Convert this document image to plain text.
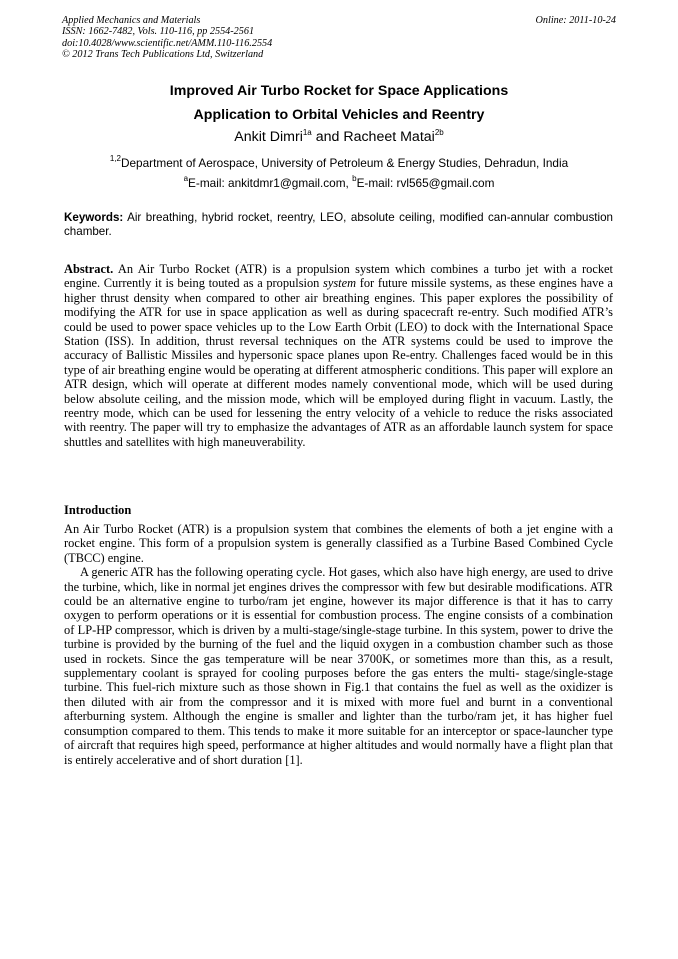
Applied Mechanics and Materials
ISSN: 1662-7482, Vols. 110-116, pp 2554-2561
doi:10.4028/www.scientific.net/AMM.110-116.2554
© 2012 Trans Tech Publications Ltd, Switzerland
Online: 2011-10-24
Improved Air Turbo Rocket for Space Applications
Application to Orbital Vehicles and Reentry
Ankit Dimri$^{1a}$ and Racheet Matai$^{2b}$
$^{1,2}$Department of Aerospace, University of Petroleum & Energy Studies, Dehradun, India
$^a$E-mail: ankitdmr1@gmail.com, $^b$E-mail: rvl565@gmail.com
Keywords: Air breathing, hybrid rocket, reentry, LEO, absolute ceiling, modified can-annular combustion chamber.
Abstract. An Air Turbo Rocket (ATR) is a propulsion system which combines a turbo jet with a rocket engine. Currently it is being touted as a propulsion system for future missile systems, as these engines have a higher thrust density when compared to other air breathing engines. This paper explores the possibility of modifying the ATR for use in space application as well as during spacecraft re-entry. Such modified ATR’s could be used to power space vehicles up to the Low Earth Orbit (LEO) to dock with the International Space Station (ISS). In addition, thrust reversal techniques on the ATR systems could be used to improve the accuracy of Ballistic Missiles and hypersonic space planes upon Re-entry. Challenges faced would be in this type of air breathing engine would be operating at different atmospheric conditions. This paper will explore an ATR design, which will operate at different modes namely conventional mode, which will be used during below absolute ceiling, and the mission mode, which will be employed during flight in vacuum. Lastly, the reentry mode, which can be used for lessening the entry velocity of a vehicle to reduce the risks associated with reentry. The paper will try to emphasize the advantages of ATR as an affordable launch system for space shuttles and satellites with high maneuverability.
Introduction

An Air Turbo Rocket (ATR) is a propulsion system that combines the elements of both a jet engine with a rocket engine. This form of a propulsion system is generally classified as a Turbine Based Combined Cycle (TBCC) engine.

A generic ATR has the following operating cycle. Hot gases, which also have high energy, are used to drive the turbine, which, like in normal jet engines drives the compressor with few but desirable modifications. ATR could be an alternative engine to turbo/ram jet engine, however its major difference is that it has to carry oxygen to perform operations or it is essential for combustion process. The engine consists of a combination of LP-HP compressor, which is driven by a multi-stage/single-stage turbine. In this system, power to drive the turbine is provided by the burning of the fuel and the liquid oxygen in a combustion chamber such as those used in rockets. Since the gas temperature will be near 3700K, or sometimes more than this, as a result, supplementary coolant is sprayed for cooling purposes before the gas enters the multi- stage/single-stage turbine. This fuel-rich mixture such as those shown in Fig.1 that contains the fuel as well as the oxidizer is then diluted with air from the compressor and it is mixed with more fuel and burnt in a conventional afterburning system. Although the engine is smaller and lighter than the turbo/ram jet, it has higher fuel consumption compared to them. This tends to make it more suitable for an interceptor or space-launcher type of aircraft that requires high speed, performance at higher altitudes and would normally have a flight plan that is entirely accelerative and of short duration [1].
